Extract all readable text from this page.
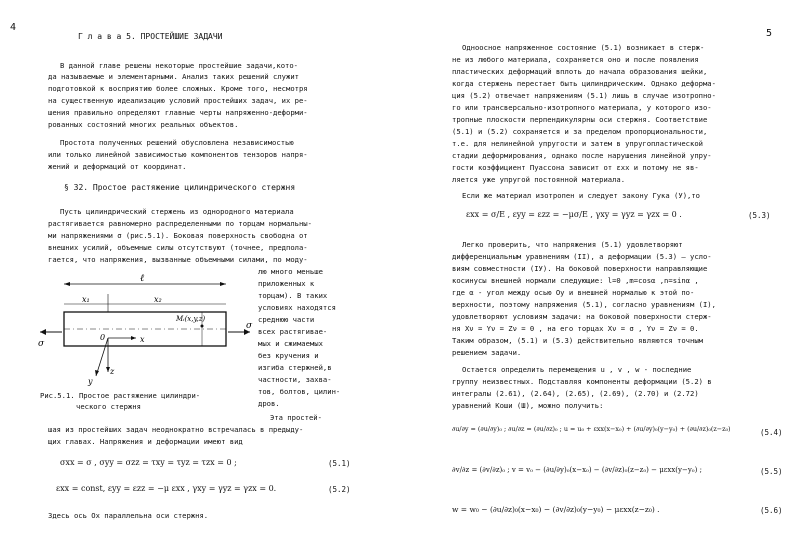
4
Г л а в а 5. ПРОСТЕЙШИЕ ЗАДАЧИ
В данной главе решены некоторые простейшие задачи,кото-
да называемые и элементарными. Анализ таких решений служит
подготовкой к восприятию более сложных. Кроме того, несмотря
на существенную идеализацию условий простейших задач, их ре-
шения правильно определяют главные черты напряженно-деформи-
рованных состояний многих реальных объектов.
Простота полученных решений обусловлена независимостью
или только линейной зависимостью компонентов тензоров напря-
жений и деформаций от координат.
§ 32. Простое растяжение цилиндрического стержня
Пусть цилиндрический стержень из однородного материала
растягивается равномерно распределенными по торцам нормальны-
ми напряжениями σ (рис.5.1). Боковая поверхность свободна от
внешних усилий, объемные силы отсутствуют (точнее, предпола-
гается, что напряжения, вызванные объемными силами, по моду-
лю много меньше
приложенных к
торцам). В таких
условиях находятся
среднюю части
всех растягивае-
мых и сжимаемых
без кручения и
изгиба стержней,в
частности, захва-
тов, болтов, цилин-
дров.
ℓ
x₁	x₂
σ
σ
0	x
z
y
Mᵢ(x,y,z)
Рис.5.1. Простое растяжение цилиндри-
ческого стержня
Эта простей-
шая из простейших задач неоднократно встречалась в предыду-
щих главах. Напряжения и деформации имеют вид
σxx = σ , σyy = σzz = τxy = τyz = τzx = 0 ;	(5.1)
εxx = const, εyy = εzz = −μ εxx , γxy = γyz = γzx = 0.	(5.2)
Здесь ось Ox параллельна оси стержня.
5
Одноосное напряженное состояние (5.1) возникает в стерж-
не из любого материала, сохраняется оно и после появления
пластических деформаций вплоть до начала образования шейки,
когда стержень перестает быть цилиндрическим. Однако деформа-
ция (5.2) отвечает напряжениям (5.1) лишь в случае изотропно-
го или трансверсально-изотропного материала, у которого изо-
тропные плоскости перпендикулярны оси стержня. Соответствие
(5.1) и (5.2) сохраняется и за пределом пропорциональности,
т.е. для нелинейной упругости и затем в упругопластической
стадии деформирования, однако после нарушения линейной упру-
гости коэффициент Пуассона зависит от εxx и потому не яв-
ляется уже упругой постоянной материала.
Если же материал изотропен и следует закону Гука (У),то
εxx = σ/E , εyy = εzz = −μσ/E , γxy = γyz = γzx = 0 .	(5.3)
Легко проверить, что напряжения (5.1) удовлетворяют
дифференциальным уравнениям (II), а деформации (5.3) – усло-
виям совместности (IУ). На боковой поверхности направляющие
косинусы внешней нормали следующие: l=0 ,m=cosα ,n=sinα ,
где α - угол между осью Oy и внешней нормалью к этой по-
верхности, поэтому напряжения (5.1), согласно уравнениям (I),
удовлетворяют условиям задачи: на боковой поверхности стерж-
ня Xν = Yν = Zν = 0 , на его торцах Xν = σ , Yν = Zν = 0.
Таким образом, (5.1) и (5.3) действительно являются точным
решением задачи.
Остается определить перемещения u , v , w - последние
группу неизвестных. Подставляя компоненты деформации (5.2) в
интегралы (2.61), (2.64), (2.65), (2.69), (2.70) и (2.72)
уравнений Коши (Ш), можно получить:
∂u/∂y = (∂u/∂y)₀ ; ∂u/∂z = (∂u/∂z)₀ ; u = u₀ + εxx(x−x₀) + (∂u/∂y)₀(y−y₀) + (∂u/∂z)₀(z−z₀)	(5.4)
∂v/∂z = (∂v/∂z)₀ ; v = v₀ − (∂u/∂y)₀(x−x₀) − (∂v/∂z)₀(z−z₀) − μεxx(y−y₀) ;	(5.5)
w = w₀ − (∂u/∂z)₀(x−x₀) − (∂v/∂z)₀(y−y₀) − μεxx(z−z₀) .	(5.6)
